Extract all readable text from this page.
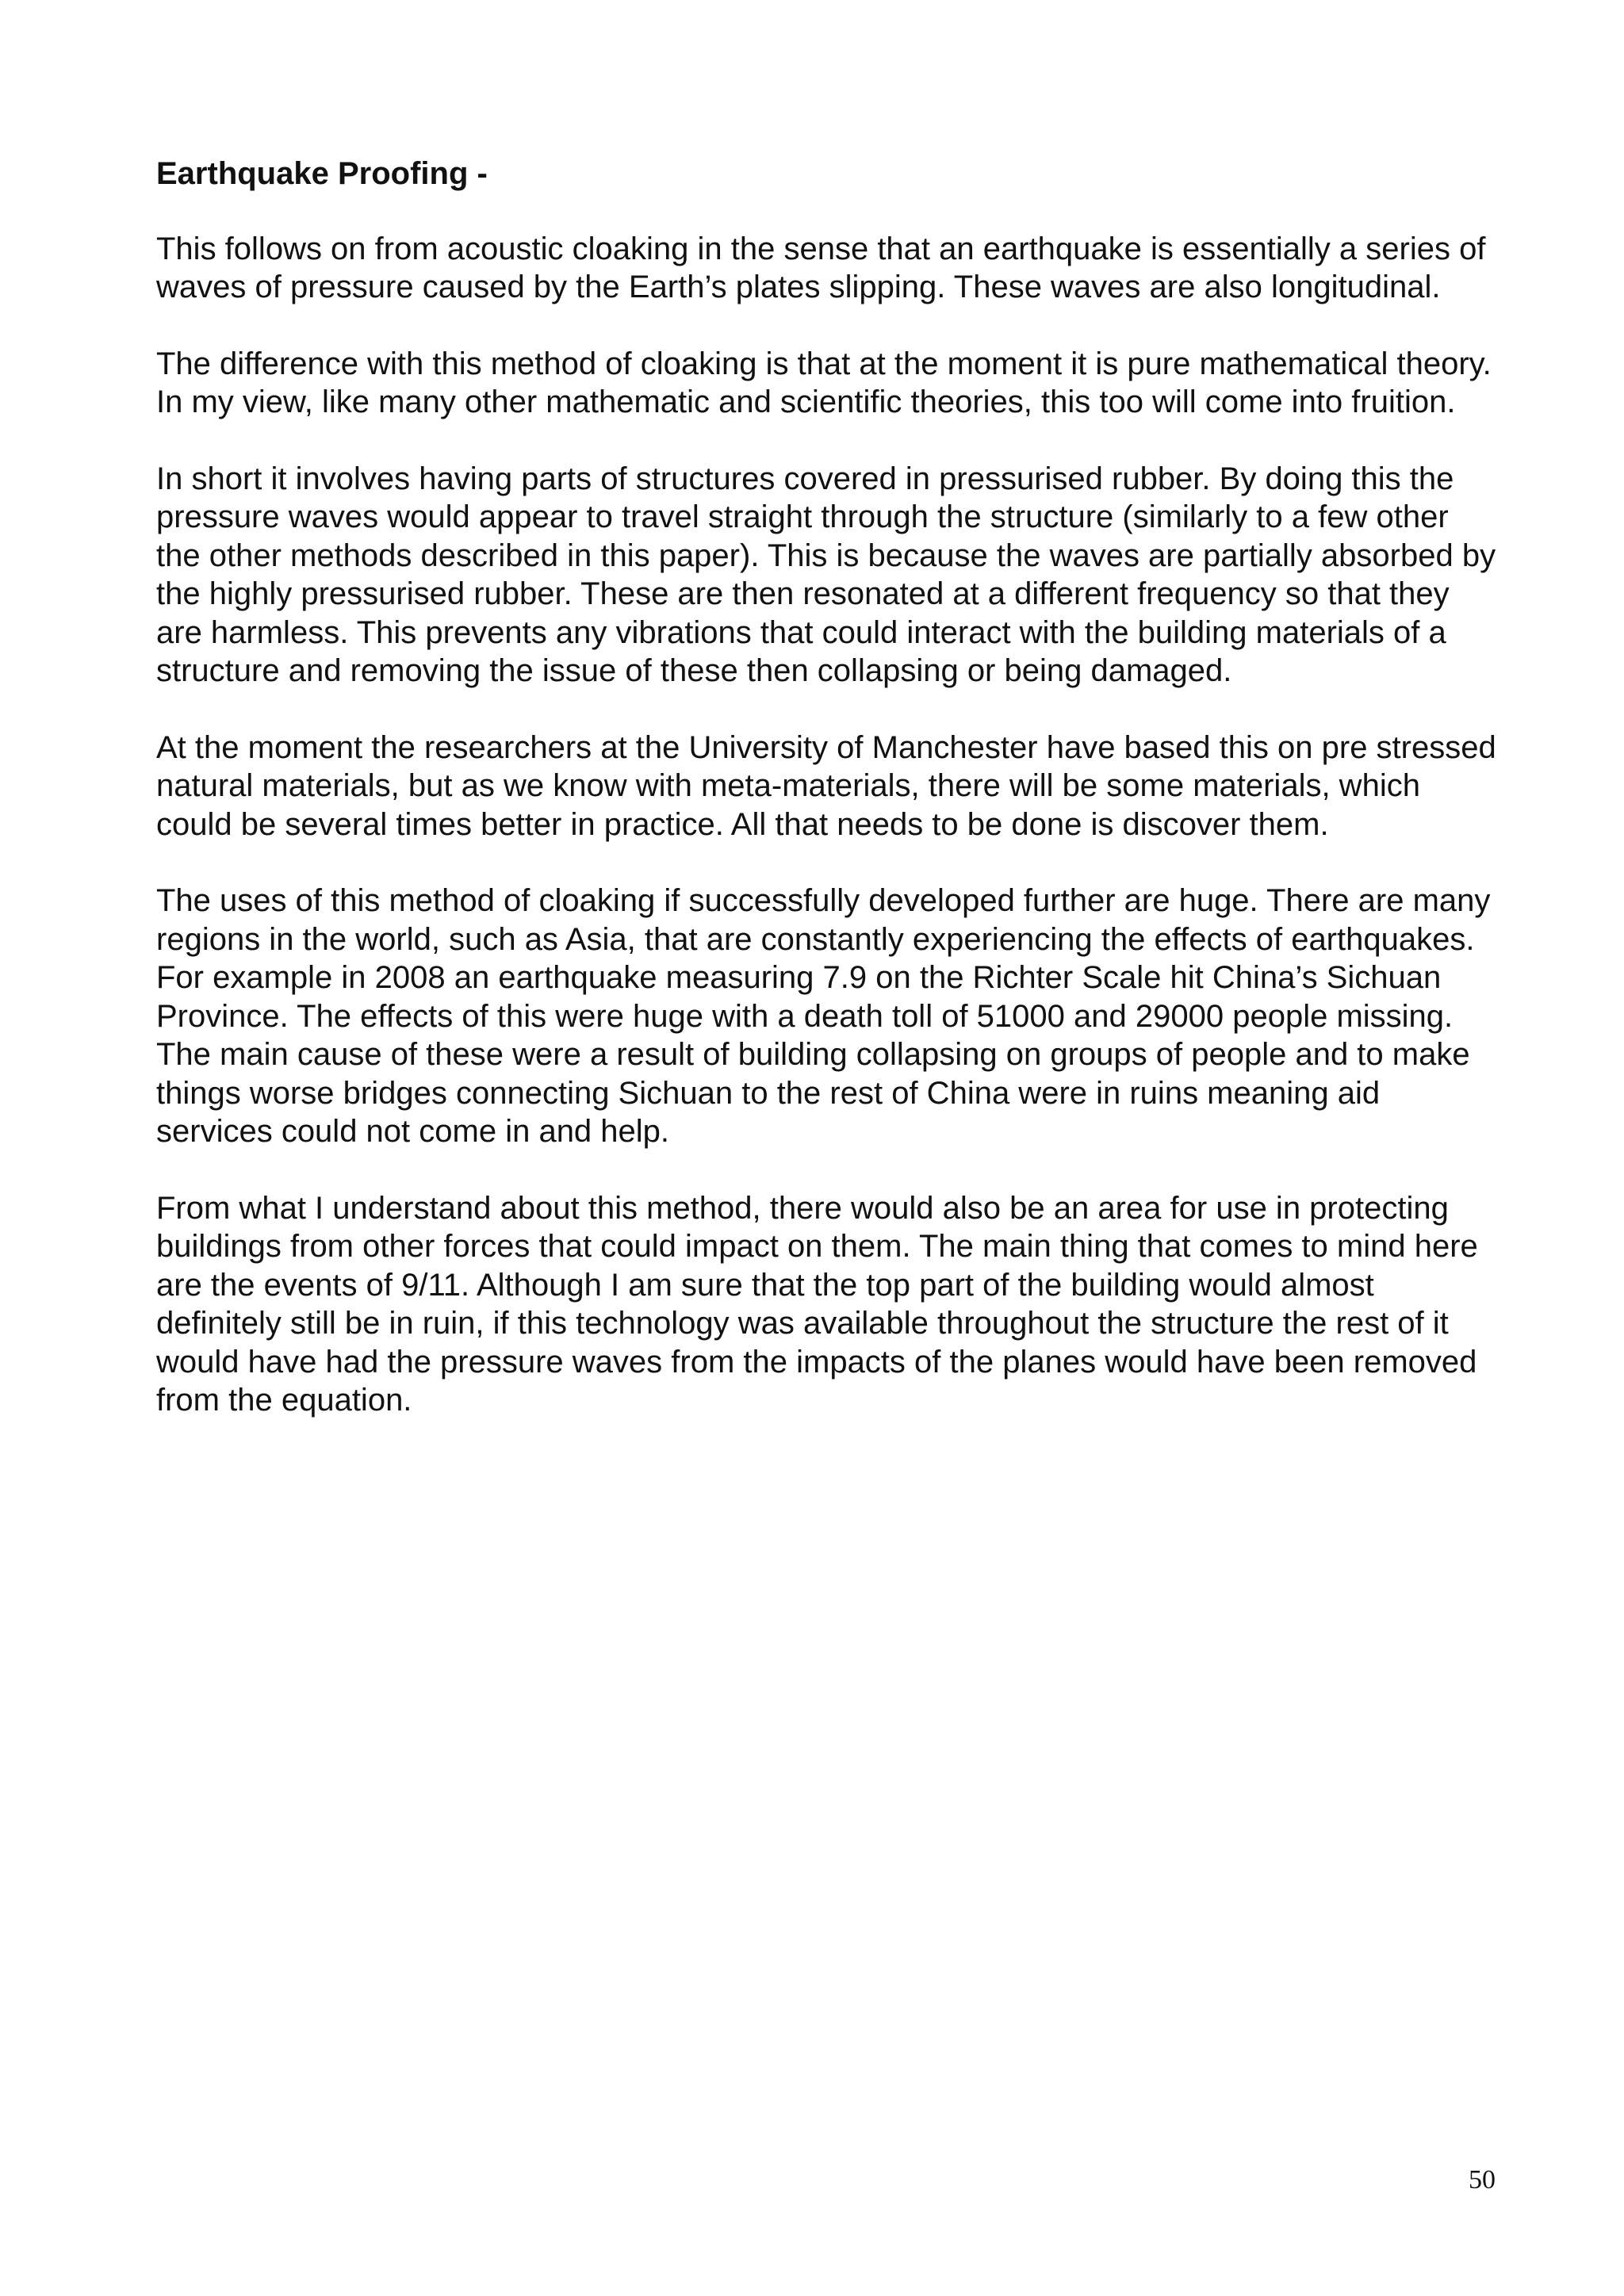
Earthquake Proofing -

This follows on from acoustic cloaking in the sense that an earthquake is essentially a series of waves of pressure caused by the Earth’s plates slipping. These waves are also longitudinal.

The difference with this method of cloaking is that at the moment it is pure mathematical theory. In my view, like many other mathematic and scientific theories, this too will come into fruition.

In short it involves having parts of structures covered in pressurised rubber. By doing this the pressure waves would appear to travel straight through the structure (similarly to a few other the other methods described in this paper). This is because the waves are partially absorbed by the highly pressurised rubber. These are then resonated at a different frequency so that they are harmless. This prevents any vibrations that could interact with the building materials of a structure and removing the issue of these then collapsing or being damaged.

At the moment the researchers at the University of Manchester have based this on pre stressed natural materials, but as we know with meta-materials, there will be some materials, which could be several times better in practice. All that needs to be done is discover them.

The uses of this method of cloaking if successfully developed further are huge. There are many regions in the world, such as Asia, that are constantly experiencing the effects of earthquakes. For example in 2008 an earthquake measuring 7.9 on the Richter Scale hit China’s Sichuan Province. The effects of this were huge with a death toll of 51000 and 29000 people missing. The main cause of these were a result of building collapsing on groups of people and to make things worse bridges connecting Sichuan to the rest of China were in ruins meaning aid services could not come in and help.

From what I understand about this method, there would also be an area for use in protecting buildings from other forces that could impact on them. The main thing that comes to mind here are the events of 9/11. Although I am sure that the top part of the building would almost definitely still be in ruin, if this technology was available throughout the structure the rest of it would have had the pressure waves from the impacts of the planes would have been removed from the equation.

50
